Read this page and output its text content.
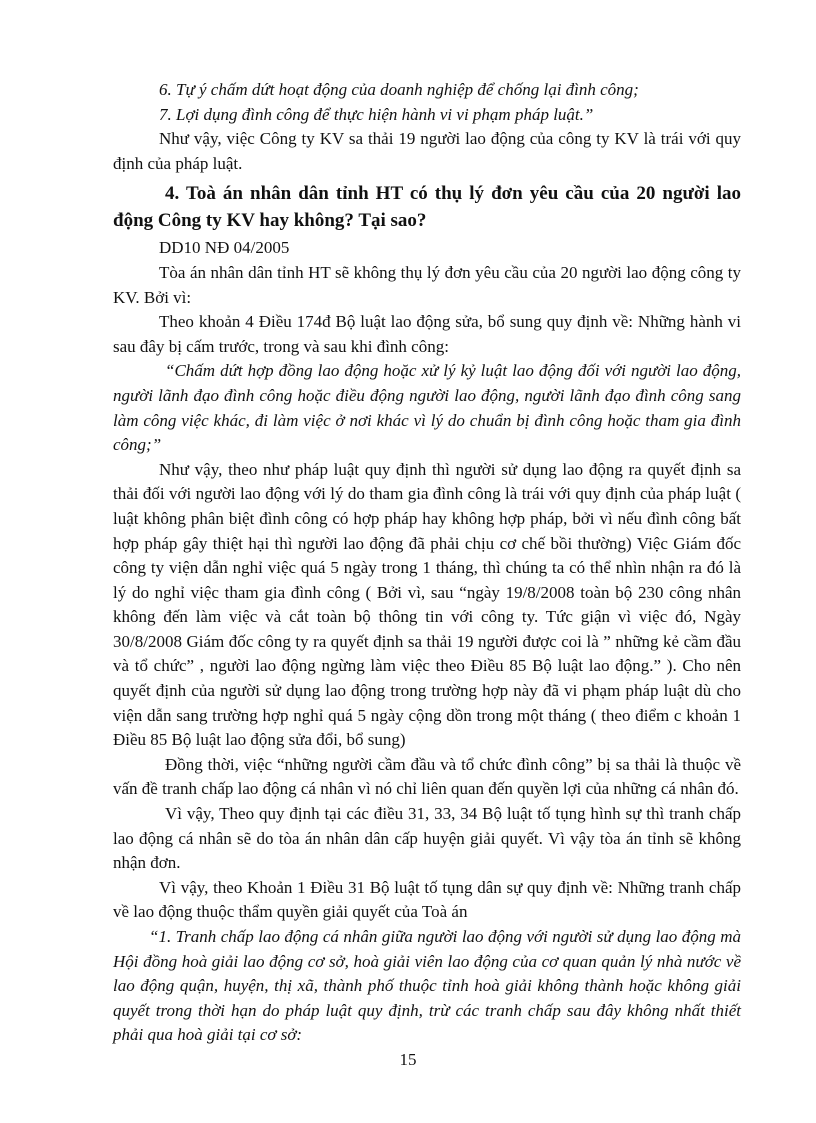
6. Tự ý chấm dứt hoạt động của doanh nghiệp để chống lại đình công;

7. Lợi dụng đình công để thực hiện hành vi vi phạm pháp luật.”

Như vậy, việc Công ty KV sa thải 19 người lao động của công ty KV là trái với quy định của pháp luật.

4. Toà án nhân dân tỉnh HT có thụ lý đơn yêu cầu của 20 người lao động Công ty KV hay không? Tại sao?

DD10 NĐ 04/2005

Tòa án nhân dân tỉnh HT sẽ không thụ lý đơn yêu cầu của 20 người lao động công ty KV. Bởi vì:

Theo khoản 4 Điều 174đ Bộ luật lao động sửa, bổ sung quy định về: Những hành vi sau đây bị cấm trước, trong và sau khi đình công:

“Chấm dứt hợp đồng lao động hoặc xử lý kỷ luật lao động đối với người lao động, người lãnh đạo đình công hoặc điều động người lao động, người lãnh đạo đình công sang làm công việc khác, đi làm việc ở nơi khác vì lý do chuẩn bị đình công hoặc tham gia đình công;”

Như vậy, theo như pháp luật quy định thì người sử dụng lao động ra quyết định sa thải đối với người lao động với lý do tham gia đình công là trái với quy định của pháp luật ( luật không phân biệt đình công có hợp pháp hay không hợp pháp, bởi vì nếu đình công bất hợp pháp gây thiệt hại thì người lao động đã phải chịu cơ chế bồi thường) Việc Giám đốc công ty viện dẫn nghỉ việc quá 5 ngày trong 1 tháng, thì chúng ta có thể nhìn nhận ra đó là lý do nghỉ việc tham gia đình công ( Bởi vì, sau “ngày 19/8/2008 toàn bộ 230 công nhân không đến làm việc và cắt toàn bộ thông tin với công ty. Tức giận vì việc đó, Ngày 30/8/2008 Giám đốc công ty ra quyết định sa thải 19 người được coi là ” những kẻ cầm đầu và tổ chức” , người lao động ngừng làm việc theo Điều 85 Bộ luật lao động.” ). Cho nên quyết định của người sử dụng lao động trong trường hợp này đã vi phạm pháp luật dù cho viện dẫn sang trường hợp nghỉ quá 5 ngày cộng dồn trong một tháng ( theo điểm c khoản 1 Điều 85 Bộ luật lao động sửa đổi, bổ sung)

Đồng thời, việc “những người cầm đầu và tổ chức đình công” bị sa thải là thuộc về vấn đề tranh chấp lao động cá nhân vì nó chỉ liên quan đến quyền lợi của những cá nhân đó.

Vì vậy, Theo quy định tại các điều 31, 33, 34 Bộ luật tố tụng hình sự thì tranh chấp lao động cá nhân sẽ do tòa án nhân dân cấp huyện giải quyết. Vì vậy tòa án tỉnh sẽ không nhận đơn.

Vì vậy, theo Khoản 1 Điều 31 Bộ luật tố tụng dân sự quy định về: Những tranh chấp về lao động thuộc thẩm quyền giải quyết của Toà án

“1. Tranh chấp lao động cá nhân giữa người lao động với người sử dụng lao động mà Hội đồng hoà giải lao động cơ sở, hoà giải viên lao động của cơ quan quản lý nhà nước về lao động quận, huyện, thị xã, thành phố thuộc tỉnh hoà giải không thành hoặc không giải quyết trong thời hạn do pháp luật quy định, trừ các tranh chấp sau đây không nhất thiết phải qua hoà giải tại cơ sở:

15
